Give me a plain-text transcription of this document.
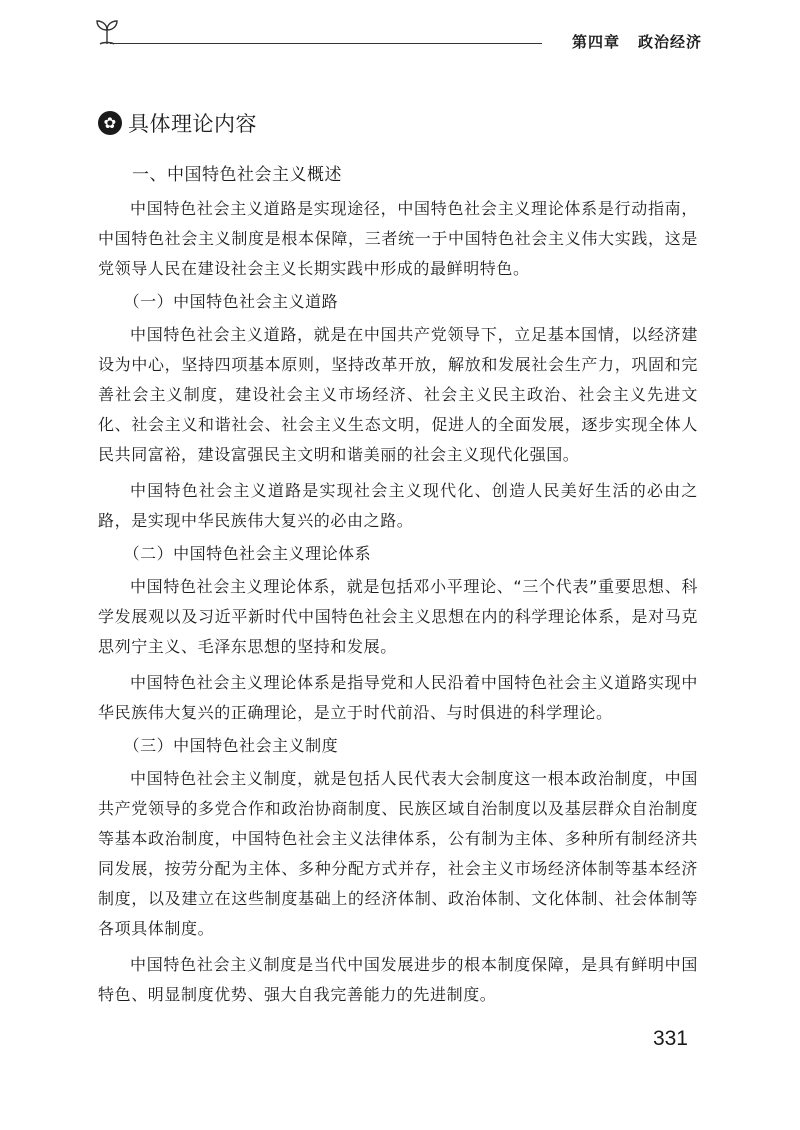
第四章 政治经济
✿ 具体理论内容
一、中国特色社会主义概述

中国特色社会主义道路是实现途径，中国特色社会主义理论体系是行动指南，中国特色社会主义制度是根本保障，三者统一于中国特色社会主义伟大实践，这是党领导人民在建设社会主义长期实践中形成的最鲜明特色。

（一）中国特色社会主义道路

中国特色社会主义道路，就是在中国共产党领导下，立足基本国情，以经济建设为中心，坚持四项基本原则，坚持改革开放，解放和发展社会生产力，巩固和完善社会主义制度，建设社会主义市场经济、社会主义民主政治、社会主义先进文化、社会主义和谐社会、社会主义生态文明，促进人的全面发展，逐步实现全体人民共同富裕，建设富强民主文明和谐美丽的社会主义现代化强国。

中国特色社会主义道路是实现社会主义现代化、创造人民美好生活的必由之路，是实现中华民族伟大复兴的必由之路。

（二）中国特色社会主义理论体系

中国特色社会主义理论体系，就是包括邓小平理论、“三个代表”重要思想、科学发展观以及习近平新时代中国特色社会主义思想在内的科学理论体系，是对马克思列宁主义、毛泽东思想的坚持和发展。

中国特色社会主义理论体系是指导党和人民沿着中国特色社会主义道路实现中华民族伟大复兴的正确理论，是立于时代前沿、与时俱进的科学理论。

（三）中国特色社会主义制度

中国特色社会主义制度，就是包括人民代表大会制度这一根本政治制度，中国共产党领导的多党合作和政治协商制度、民族区域自治制度以及基层群众自治制度等基本政治制度，中国特色社会主义法律体系，公有制为主体、多种所有制经济共同发展，按劳分配为主体、多种分配方式并存，社会主义市场经济体制等基本经济制度，以及建立在这些制度基础上的经济体制、政治体制、文化体制、社会体制等各项具体制度。

中国特色社会主义制度是当代中国发展进步的根本制度保障，是具有鲜明中国特色、明显制度优势、强大自我完善能力的先进制度。

331
